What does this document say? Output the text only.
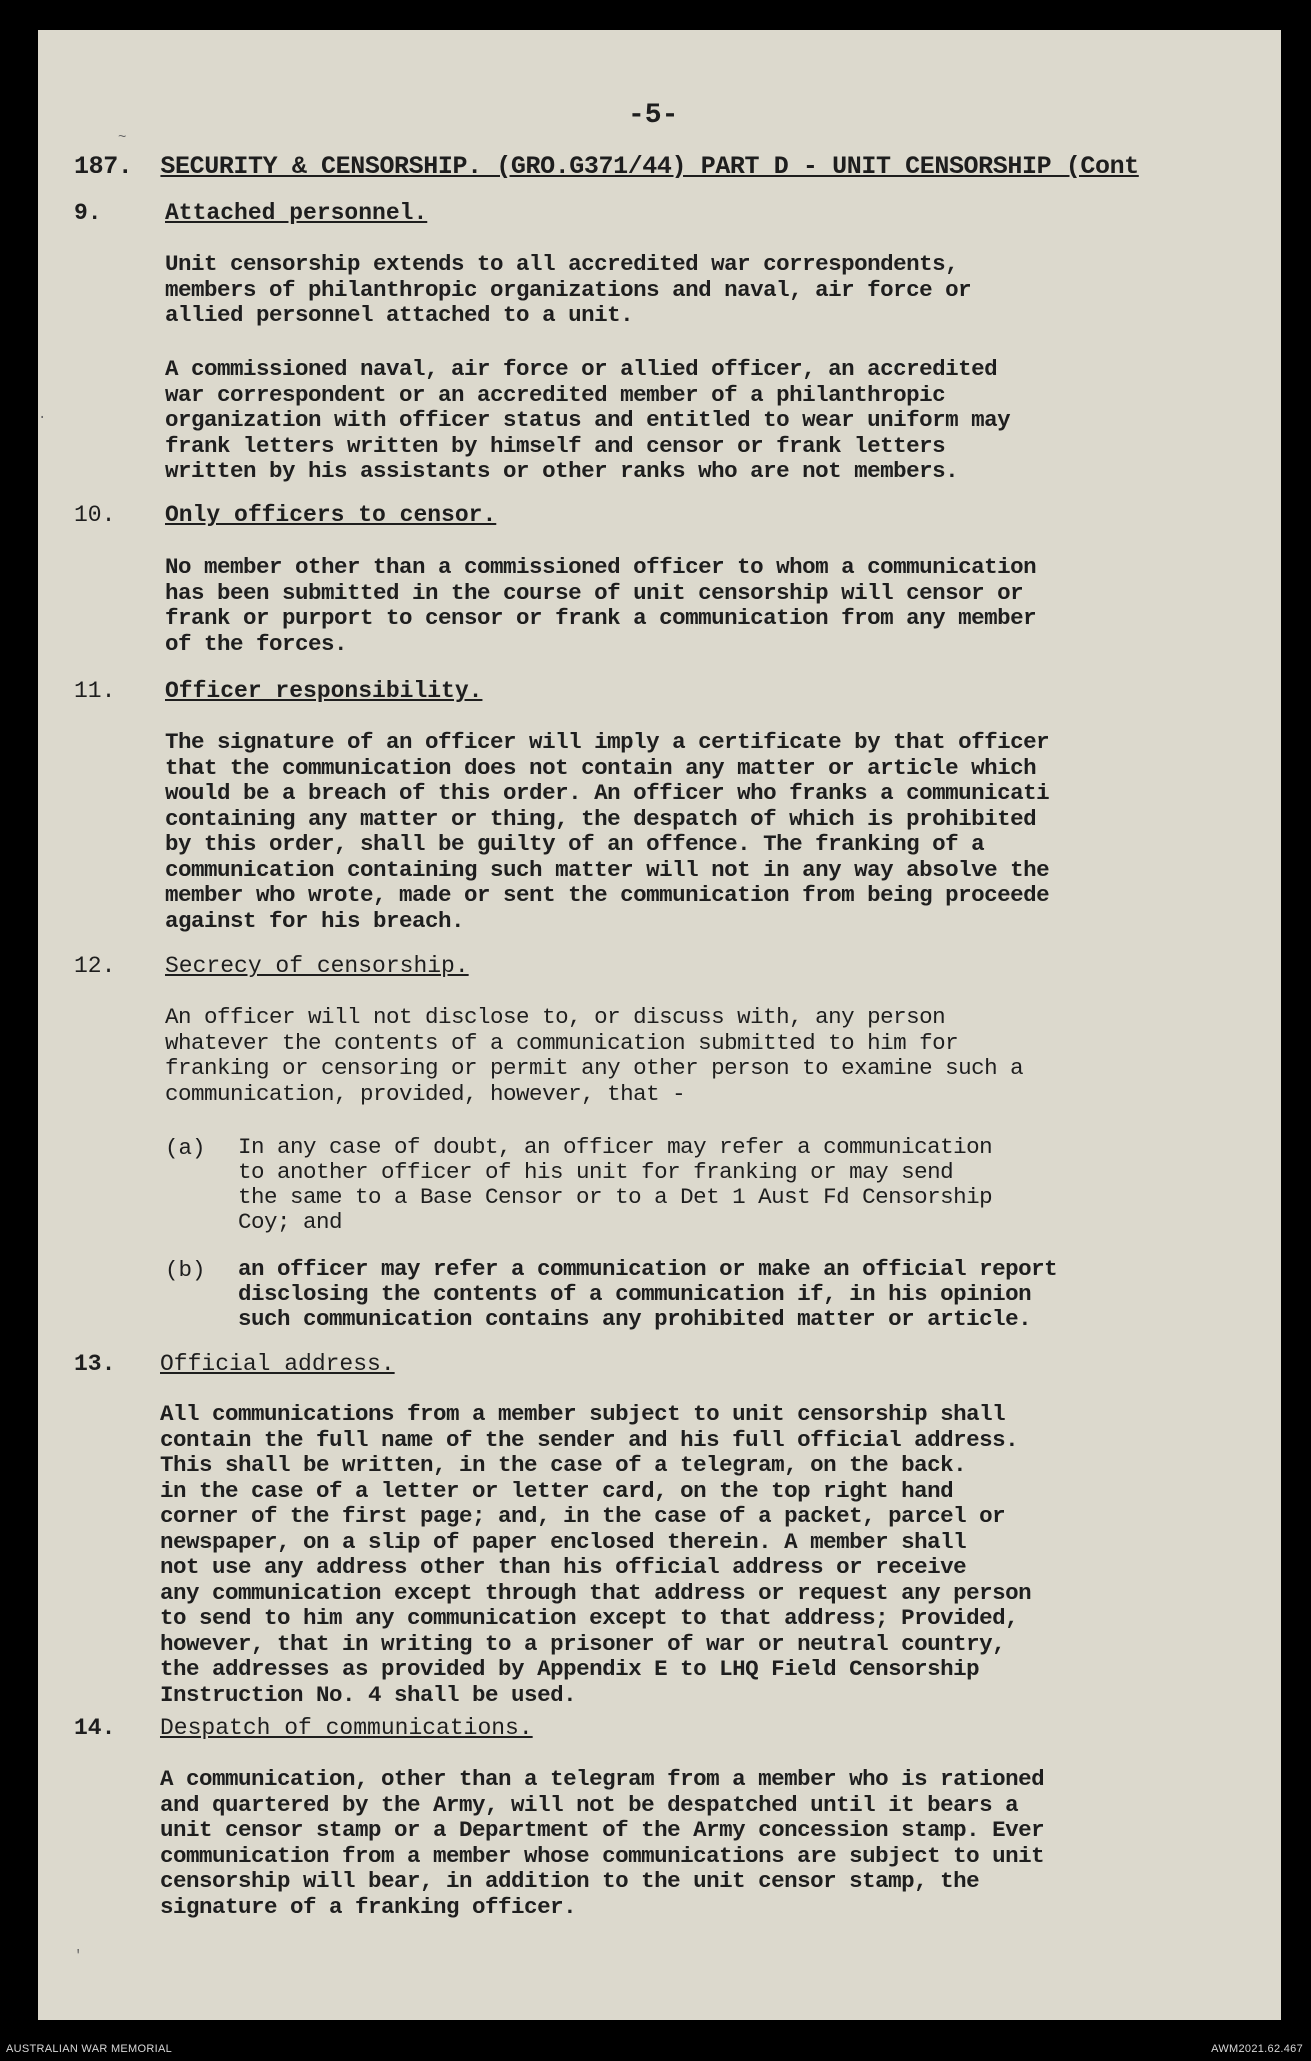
-5-
187. SECURITY & CENSORSHIP. (GRO.G371/44) PART D - UNIT CENSORSHIP (Cont
9.	Attached personnel.
Unit censorship extends to all accredited war correspondents,
members of philanthropic organizations and naval, air force or
allied personnel attached to a unit.
A commissioned naval, air force or allied officer, an accredited
war correspondent or an accredited member of a philanthropic
organization with officer status and entitled to wear uniform may
frank letters written by himself and censor or frank letters
written by his assistants or other ranks who are not members.
10. Only officers to censor.
No member other than a commissioned officer to whom a communication
has been submitted in the course of unit censorship will censor or
frank or purport to censor or frank a communication from any member
of the forces.
11. Officer responsibility.
The signature of an officer will imply a certificate by that officer
that the communication does not contain any matter or article which
would be a breach of this order. An officer who franks a communicati
containing any matter or thing, the despatch of which is prohibited
by this order, shall be guilty of an offence. The franking of a
communication containing such matter will not in any way absolve the
member who wrote, made or sent the communication from being proceede
against for his breach.
12. Secrecy of censorship.
An officer will not disclose to, or discuss with, any person
whatever the contents of a communication submitted to him for
franking or censoring or permit any other person to examine such a
communication, provided, however, that -
(a) In any case of doubt, an officer may refer a communication
to another officer of his unit for franking or may send
the same to a Base Censor or to a Det 1 Aust Fd Censorship
Coy; and
(b) an officer may refer a communication or make an official report
disclosing the contents of a communication if, in his opinion
such communication contains any prohibited matter or article.
13. Official address.
All communications from a member subject to unit censorship shall
contain the full name of the sender and his full official address.
This shall be written, in the case of a telegram, on the back.
in the case of a letter or letter card, on the top right hand
corner of the first page; and, in the case of a packet, parcel or
newspaper, on a slip of paper enclosed therein. A member shall
not use any address other than his official address or receive
any communication except through that address or request any person
to send to him any communication except to that address; Provided,
however, that in writing to a prisoner of war or neutral country,
the addresses as provided by Appendix E to LHQ Field Censorship
Instruction No. 4 shall be used.
14. Despatch of communications.
A communication, other than a telegram from a member who is rationed
and quartered by the Army, will not be despatched until it bears a
unit censor stamp or a Department of the Army concession stamp. Ever
communication from a member whose communications are subject to unit
censorship will bear, in addition to the unit censor stamp, the
signature of a franking officer.
~
·
'
AUSTRALIAN WAR MEMORIAL	AWM2021.62.467
